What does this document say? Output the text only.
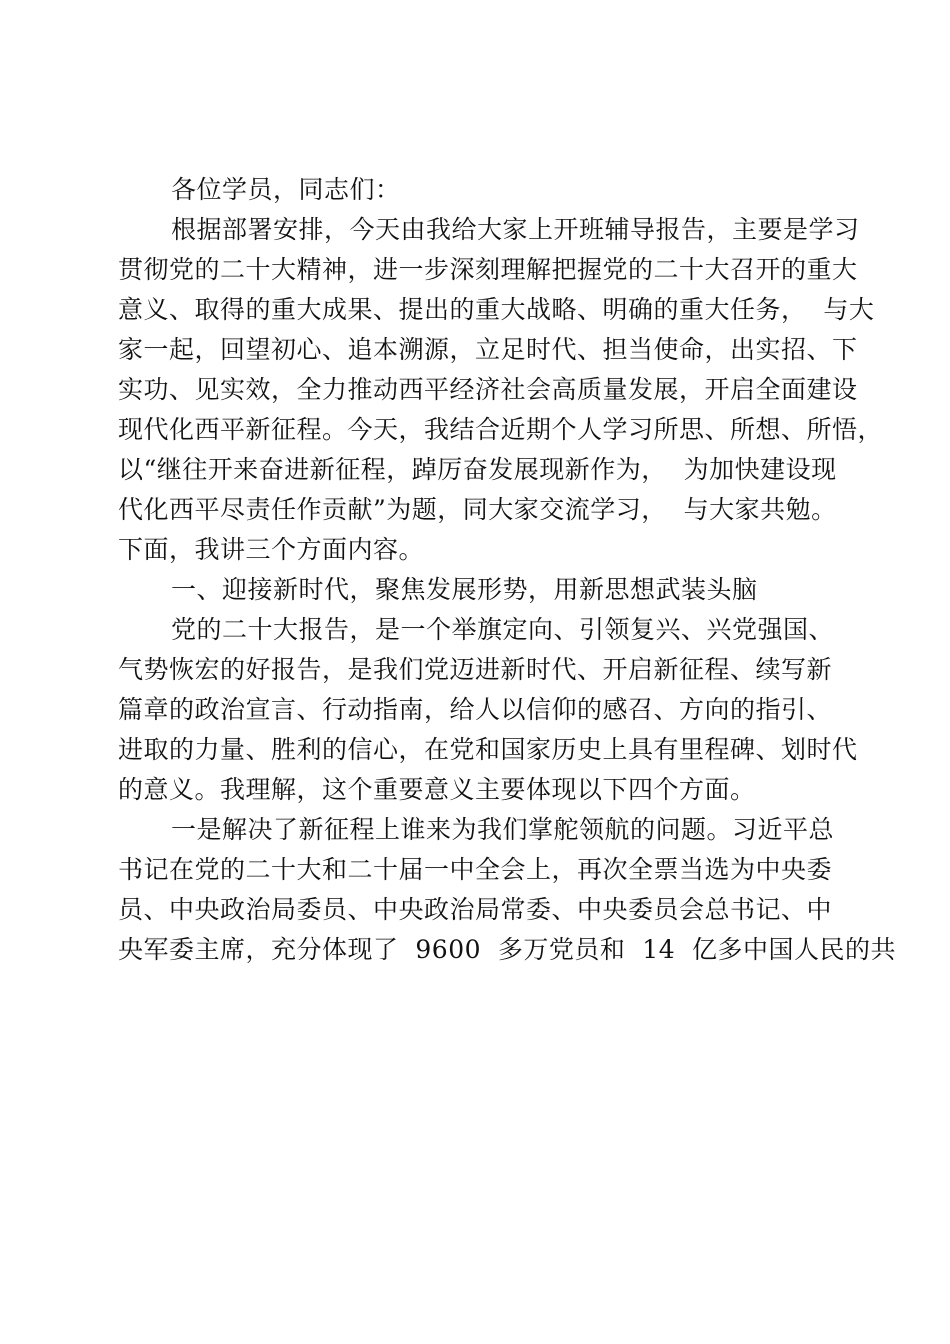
各位学员，同志们：
根据部署安排，今天由我给大家上开班辅导报告，主要是学习
贯彻党的二十大精神，进一步深刻理解把握党的二十大召开的重大
意义、取得的重大成果、提出的重大战略、明确的重大任务，  与大
家一起，回望初心、追本溯源，立足时代、担当使命，出实招、下
实功、见实效，全力推动西平经济社会高质量发展，开启全面建设
现代化西平新征程。今天，我结合近期个人学习所思、所想、所悟，
以“继往开来奋进新征程，踔厉奋发展现新作为，  为加快建设现
代化西平尽责任作贡献”为题，同大家交流学习，  与大家共勉。
下面，我讲三个方面内容。
一、迎接新时代，聚焦发展形势，用新思想武装头脑
党的二十大报告，是一个举旗定向、引领复兴、兴党强国、
气势恢宏的好报告，是我们党迈进新时代、开启新征程、续写新
篇章的政治宣言、行动指南，给人以信仰的感召、方向的指引、
进取的力量、胜利的信心，在党和国家历史上具有里程碑、划时代
的意义。我理解，这个重要意义主要体现以下四个方面。
一是解决了新征程上谁来为我们掌舵领航的问题。习近平总
书记在党的二十大和二十届一中全会上，再次全票当选为中央委
员、中央政治局委员、中央政治局常委、中央委员会总书记、中
央军委主席，充分体现了  9600  多万党员和  14  亿多中国人民的共
